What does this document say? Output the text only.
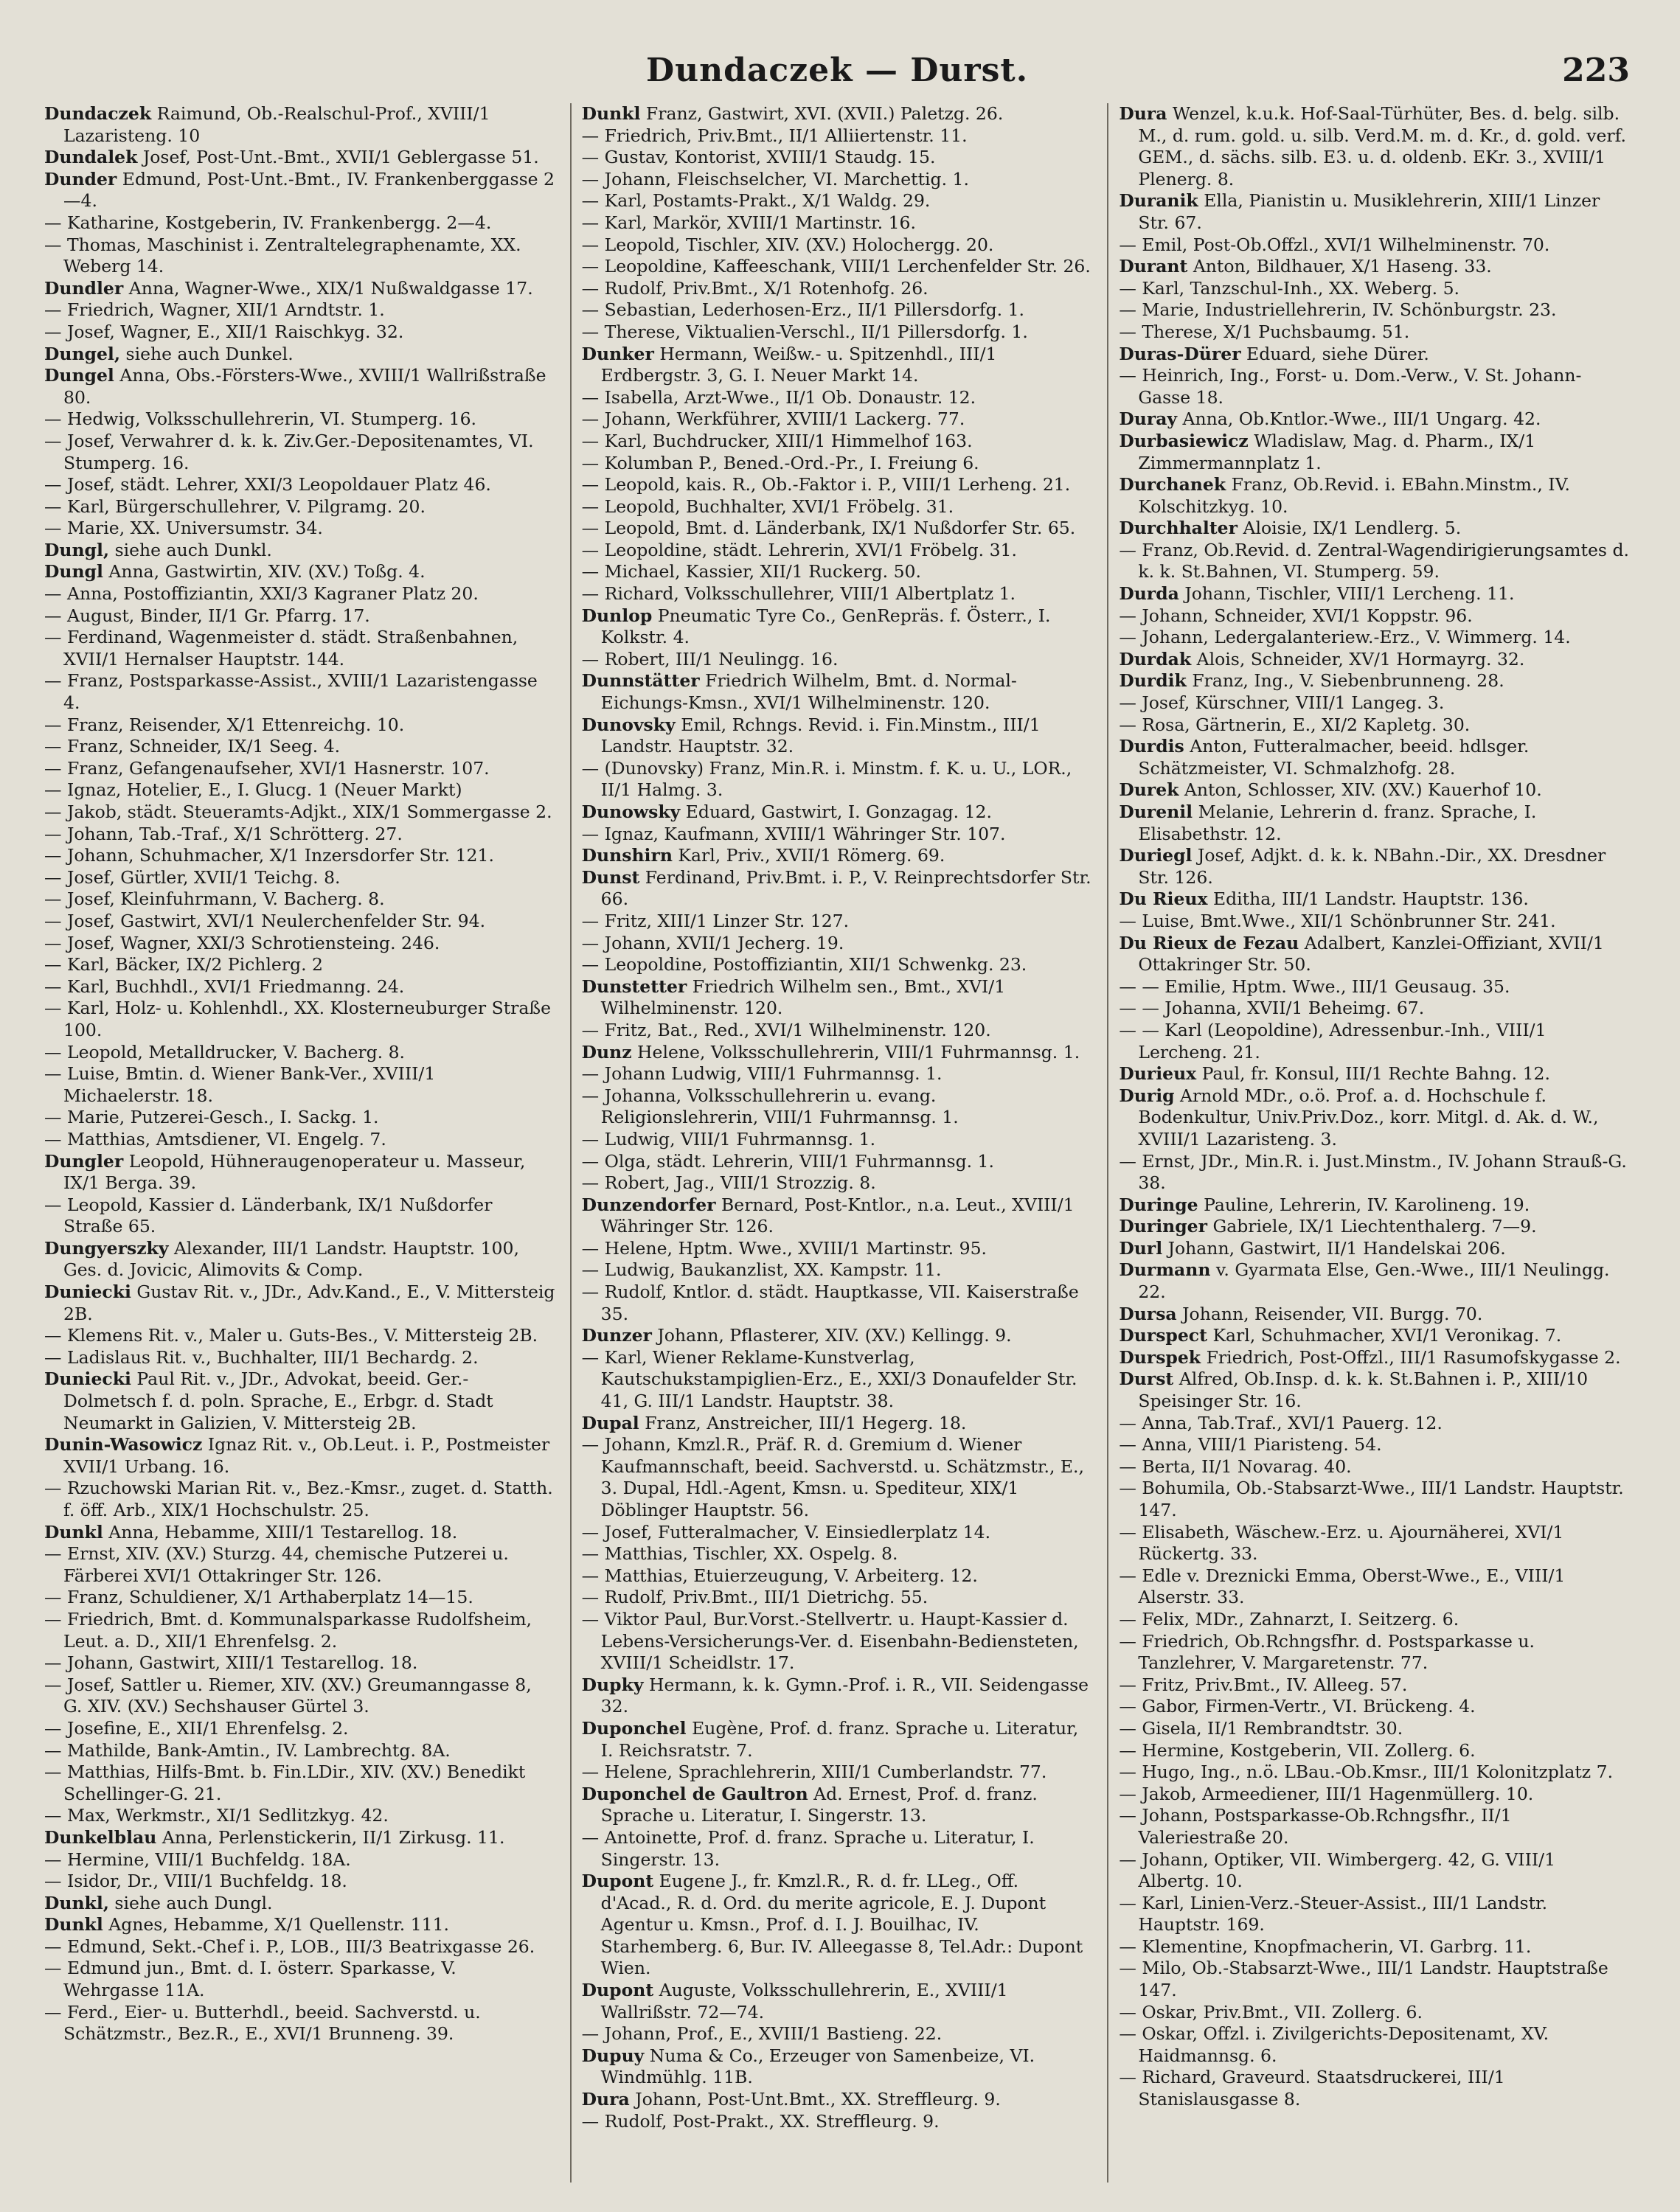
Dundaczek — Durst.	223
Dundaczek Raimund, Ob.-Realschul-Prof., XVIII/1 Lazaristeng. 10
Dundalek Josef, Post-Unt.-Bmt., XVII/1 Geblergasse 51.
Dunder Edmund, Post-Unt.-Bmt., IV. Frankenberggasse 2—4.
— Katharine, Kostgeberin, IV. Frankenbergg. 2—4.
— Thomas, Maschinist i. Zentraltelegraphenamte, XX. Weberg 14.
Dundler Anna, Wagner-Wwe., XIX/1 Nußwaldgasse 17.
— Friedrich, Wagner, XII/1 Arndtstr. 1.
— Josef, Wagner, E., XII/1 Raischkyg. 32.
Dungel, siehe auch Dunkel.
Dungel Anna, Obs.-Försters-Wwe., XVIII/1 Wallrißstraße 80.
— Hedwig, Volksschullehrerin, VI. Stumperg. 16.
— Josef, Verwahrer d. k. k. Ziv.Ger.-Depositenamtes, VI. Stumperg. 16.
— Josef, städt. Lehrer, XXI/3 Leopoldauer Platz 46.
— Karl, Bürgerschullehrer, V. Pilgramg. 20.
— Marie, XX. Universumstr. 34.
Dungl, siehe auch Dunkl.
Dungl Anna, Gastwirtin, XIV. (XV.) Toßg. 4.
— Anna, Postoffiziantin, XXI/3 Kagraner Platz 20.
— August, Binder, II/1 Gr. Pfarrg. 17.
— Ferdinand, Wagenmeister d. städt. Straßenbahnen, XVII/1 Hernalser Hauptstr. 144.
— Franz, Postsparkasse-Assist., XVIII/1 Lazaristengasse 4.
— Franz, Reisender, X/1 Ettenreichg. 10.
— Franz, Schneider, IX/1 Seeg. 4.
— Franz, Gefangenaufseher, XVI/1 Hasnerstr. 107.
— Ignaz, Hotelier, E., I. Glucg. 1 (Neuer Markt)
— Jakob, städt. Steueramts-Adjkt., XIX/1 Sommergasse 2.
— Johann, Tab.-Traf., X/1 Schrötterg. 27.
— Johann, Schuhmacher, X/1 Inzersdorfer Str. 121.
— Josef, Gürtler, XVII/1 Teichg. 8.
— Josef, Kleinfuhrmann, V. Bacherg. 8.
— Josef, Gastwirt, XVI/1 Neulerchenfelder Str. 94.
— Josef, Wagner, XXI/3 Schrotiensteing. 246.
— Karl, Bäcker, IX/2 Pichlerg. 2
— Karl, Buchhdl., XVI/1 Friedmanng. 24.
— Karl, Holz- u. Kohlenhdl., XX. Klosterneuburger Straße 100.
— Leopold, Metalldrucker, V. Bacherg. 8.
— Luise, Bmtin. d. Wiener Bank-Ver., XVIII/1 Michaelerstr. 18.
— Marie, Putzerei-Gesch., I. Sackg. 1.
— Matthias, Amtsdiener, VI. Engelg. 7.
Dungler Leopold, Hühneraugenoperateur u. Masseur, IX/1 Berga. 39.
— Leopold, Kassier d. Länderbank, IX/1 Nußdorfer Straße 65.
Dungyerszky Alexander, III/1 Landstr. Hauptstr. 100, Ges. d. Jovicic, Alimovits & Comp.
Duniecki Gustav Rit. v., JDr., Adv.Kand., E., V. Mittersteig 2B.
— Klemens Rit. v., Maler u. Guts-Bes., V. Mittersteig 2B.
— Ladislaus Rit. v., Buchhalter, III/1 Bechardg. 2.
Duniecki Paul Rit. v., JDr., Advokat, beeid. Ger.-Dolmetsch f. d. poln. Sprache, E., Erbgr. d. Stadt Neumarkt in Galizien, V. Mittersteig 2B.
Dunin-Wasowicz Ignaz Rit. v., Ob.Leut. i. P., Postmeister XVII/1 Urbang. 16.
— Rzuchowski Marian Rit. v., Bez.-Kmsr., zuget. d. Statth. f. öff. Arb., XIX/1 Hochschulstr. 25.
Dunkl Anna, Hebamme, XIII/1 Testarellog. 18.
— Ernst, XIV. (XV.) Sturzg. 44, chemische Putzerei u. Färberei XVI/1 Ottakringer Str. 126.
— Franz, Schuldiener, X/1 Arthaberplatz 14—15.
— Friedrich, Bmt. d. Kommunalsparkasse Rudolfsheim, Leut. a. D., XII/1 Ehrenfelsg. 2.
— Johann, Gastwirt, XIII/1 Testarellog. 18.
— Josef, Sattler u. Riemer, XIV. (XV.) Greumanngasse 8, G. XIV. (XV.) Sechshauser Gürtel 3.
— Josefine, E., XII/1 Ehrenfelsg. 2.
— Mathilde, Bank-Amtin., IV. Lambrechtg. 8A.
— Matthias, Hilfs-Bmt. b. Fin.LDir., XIV. (XV.) Benedikt Schellinger-G. 21.
— Max, Werkmstr., XI/1 Sedlitzkyg. 42.
Dunkelblau Anna, Perlenstickerin, II/1 Zirkusg. 11.
— Hermine, VIII/1 Buchfeldg. 18A.
— Isidor, Dr., VIII/1 Buchfeldg. 18.
Dunkl, siehe auch Dungl.
Dunkl Agnes, Hebamme, X/1 Quellenstr. 111.
— Edmund, Sekt.-Chef i. P., LOB., III/3 Beatrixgasse 26.
— Edmund jun., Bmt. d. I. österr. Sparkasse, V. Wehrgasse 11A.
— Ferd., Eier- u. Butterhdl., beeid. Sachverstd. u. Schätzmstr., Bez.R., E., XVI/1 Brunneng. 39.
Dunkl Franz, Gastwirt, XVI. (XVII.) Paletzg. 26.
— Friedrich, Priv.Bmt., II/1 Alliiertenstr. 11.
— Gustav, Kontorist, XVIII/1 Staudg. 15.
— Johann, Fleischselcher, VI. Marchettig. 1.
— Karl, Postamts-Prakt., X/1 Waldg. 29.
— Karl, Markör, XVIII/1 Martinstr. 16.
— Leopold, Tischler, XIV. (XV.) Holochergg. 20.
— Leopoldine, Kaffeeschank, VIII/1 Lerchenfelder Str. 26.
— Rudolf, Priv.Bmt., X/1 Rotenhofg. 26.
— Sebastian, Lederhosen-Erz., II/1 Pillersdorfg. 1.
— Therese, Viktualien-Verschl., II/1 Pillersdorfg. 1.
Dunker Hermann, Weißw.- u. Spitzenhdl., III/1 Erdbergstr. 3, G. I. Neuer Markt 14.
— Isabella, Arzt-Wwe., II/1 Ob. Donaustr. 12.
— Johann, Werkführer, XVIII/1 Lackerg. 77.
— Karl, Buchdrucker, XIII/1 Himmelhof 163.
— Kolumban P., Bened.-Ord.-Pr., I. Freiung 6.
— Leopold, kais. R., Ob.-Faktor i. P., VIII/1 Lerheng. 21.
— Leopold, Buchhalter, XVI/1 Fröbelg. 31.
— Leopold, Bmt. d. Länderbank, IX/1 Nußdorfer Str. 65.
— Leopoldine, städt. Lehrerin, XVI/1 Fröbelg. 31.
— Michael, Kassier, XII/1 Ruckerg. 50.
— Richard, Volksschullehrer, VIII/1 Albertplatz 1.
Dunlop Pneumatic Tyre Co., GenRepräs. f. Österr., I. Kolkstr. 4.
— Robert, III/1 Neulingg. 16.
Dunnstätter Friedrich Wilhelm, Bmt. d. Normal-Eichungs-Kmsn., XVI/1 Wilhelminenstr. 120.
Dunovsky Emil, Rchngs. Revid. i. Fin.Minstm., III/1 Landstr. Hauptstr. 32.
— (Dunovsky) Franz, Min.R. i. Minstm. f. K. u. U., LOR., II/1 Halmg. 3.
Dunowsky Eduard, Gastwirt, I. Gonzagag. 12.
— Ignaz, Kaufmann, XVIII/1 Währinger Str. 107.
Dunshirn Karl, Priv., XVII/1 Römerg. 69.
Dunst Ferdinand, Priv.Bmt. i. P., V. Reinprechtsdorfer Str. 66.
— Fritz, XIII/1 Linzer Str. 127.
— Johann, XVII/1 Jecherg. 19.
— Leopoldine, Postoffiziantin, XII/1 Schwenkg. 23.
Dunstetter Friedrich Wilhelm sen., Bmt., XVI/1 Wilhelminenstr. 120.
— Fritz, Bat., Red., XVI/1 Wilhelminenstr. 120.
Dunz Helene, Volksschullehrerin, VIII/1 Fuhrmannsg. 1.
— Johann Ludwig, VIII/1 Fuhrmannsg. 1.
— Johanna, Volksschullehrerin u. evang. Religionslehrerin, VIII/1 Fuhrmannsg. 1.
— Ludwig, VIII/1 Fuhrmannsg. 1.
— Olga, städt. Lehrerin, VIII/1 Fuhrmannsg. 1.
— Robert, Jag., VIII/1 Strozzig. 8.
Dunzendorfer Bernard, Post-Kntlor., n.a. Leut., XVIII/1 Währinger Str. 126.
— Helene, Hptm. Wwe., XVIII/1 Martinstr. 95.
— Ludwig, Baukanzlist, XX. Kampstr. 11.
— Rudolf, Kntlor. d. städt. Hauptkasse, VII. Kaiserstraße 35.
Dunzer Johann, Pflasterer, XIV. (XV.) Kellingg. 9.
— Karl, Wiener Reklame-Kunstverlag, Kautschukstampiglien-Erz., E., XXI/3 Donaufelder Str. 41, G. III/1 Landstr. Hauptstr. 38.
Dupal Franz, Anstreicher, III/1 Hegerg. 18.
— Johann, Kmzl.R., Präf. R. d. Gremium d. Wiener Kaufmannschaft, beeid. Sachverstd. u. Schätzmstr., E., 3. Dupal, Hdl.-Agent, Kmsn. u. Spediteur, XIX/1 Döblinger Hauptstr. 56.
— Josef, Futteralmacher, V. Einsiedlerplatz 14.
— Matthias, Tischler, XX. Ospelg. 8.
— Matthias, Etuierzeugung, V. Arbeiterg. 12.
— Rudolf, Priv.Bmt., III/1 Dietrichg. 55.
— Viktor Paul, Bur.Vorst.-Stellvertr. u. Haupt-Kassier d. Lebens-Versicherungs-Ver. d. Eisenbahn-Bediensteten, XVIII/1 Scheidlstr. 17.
Dupky Hermann, k. k. Gymn.-Prof. i. R., VII. Seidengasse 32.
Duponchel Eugène, Prof. d. franz. Sprache u. Literatur, I. Reichsratstr. 7.
— Helene, Sprachlehrerin, XIII/1 Cumberlandstr. 77.
Duponchel de Gaultron Ad. Ernest, Prof. d. franz. Sprache u. Literatur, I. Singerstr. 13.
— Antoinette, Prof. d. franz. Sprache u. Literatur, I. Singerstr. 13.
Dupont Eugene J., fr. Kmzl.R., R. d. fr. LLeg., Off. d'Acad., R. d. Ord. du merite agricole, E. J. Dupont Agentur u. Kmsn., Prof. d. I. J. Bouilhac, IV. Starhemberg. 6, Bur. IV. Alleegasse 8, Tel.Adr.: Dupont Wien.
Dupont Auguste, Volksschullehrerin, E., XVIII/1 Wallrißstr. 72—74.
— Johann, Prof., E., XVIII/1 Bastieng. 22.
Dupuy Numa & Co., Erzeuger von Samenbeize, VI. Windmühlg. 11B.
Dura Johann, Post-Unt.Bmt., XX. Streffleurg. 9.
— Rudolf, Post-Prakt., XX. Streffleurg. 9.
Dura Wenzel, k.u.k. Hof-Saal-Türhüter, Bes. d. belg. silb. M., d. rum. gold. u. silb. Verd.M. m. d. Kr., d. gold. verf. GEM., d. sächs. silb. E3. u. d. oldenb. EKr. 3., XVIII/1 Plenerg. 8.
Duranik Ella, Pianistin u. Musiklehrerin, XIII/1 Linzer Str. 67.
— Emil, Post-Ob.Offzl., XVI/1 Wilhelminenstr. 70.
Durant Anton, Bildhauer, X/1 Haseng. 33.
— Karl, Tanzschul-Inh., XX. Weberg. 5.
— Marie, Industriellehrerin, IV. Schönburgstr. 23.
— Therese, X/1 Puchsbaumg. 51.
Duras-Dürer Eduard, siehe Dürer.
— Heinrich, Ing., Forst- u. Dom.-Verw., V. St. Johann-Gasse 18.
Duray Anna, Ob.Kntlor.-Wwe., III/1 Ungarg. 42.
Durbasiewicz Wladislaw, Mag. d. Pharm., IX/1 Zimmermannplatz 1.
Durchanek Franz, Ob.Revid. i. EBahn.Minstm., IV. Kolschitzkyg. 10.
Durchhalter Aloisie, IX/1 Lendlerg. 5.
— Franz, Ob.Revid. d. Zentral-Wagendirigierungsamtes d. k. k. St.Bahnen, VI. Stumperg. 59.
Durda Johann, Tischler, VIII/1 Lercheng. 11.
— Johann, Schneider, XVI/1 Koppstr. 96.
— Johann, Ledergalanteriew.-Erz., V. Wimmerg. 14.
Durdak Alois, Schneider, XV/1 Hormayrg. 32.
Durdik Franz, Ing., V. Siebenbrunneng. 28.
— Josef, Kürschner, VIII/1 Langeg. 3.
— Rosa, Gärtnerin, E., XI/2 Kapletg. 30.
Durdis Anton, Futteralmacher, beeid. hdlsger. Schätzmeister, VI. Schmalzhofg. 28.
Durek Anton, Schlosser, XIV. (XV.) Kauerhof 10.
Durenil Melanie, Lehrerin d. franz. Sprache, I. Elisabethstr. 12.
Duriegl Josef, Adjkt. d. k. k. NBahn.-Dir., XX. Dresdner Str. 126.
Du Rieux Editha, III/1 Landstr. Hauptstr. 136.
— Luise, Bmt.Wwe., XII/1 Schönbrunner Str. 241.
Du Rieux de Fezau Adalbert, Kanzlei-Offiziant, XVII/1 Ottakringer Str. 50.
— — Emilie, Hptm. Wwe., III/1 Geusaug. 35.
— — Johanna, XVII/1 Beheimg. 67.
— — Karl (Leopoldine), Adressenbur.-Inh., VIII/1 Lercheng. 21.
Durieux Paul, fr. Konsul, III/1 Rechte Bahng. 12.
Durig Arnold MDr., o.ö. Prof. a. d. Hochschule f. Bodenkultur, Univ.Priv.Doz., korr. Mitgl. d. Ak. d. W., XVIII/1 Lazaristeng. 3.
— Ernst, JDr., Min.R. i. Just.Minstm., IV. Johann Strauß-G. 38.
Duringe Pauline, Lehrerin, IV. Karolineng. 19.
Duringer Gabriele, IX/1 Liechtenthalerg. 7—9.
Durl Johann, Gastwirt, II/1 Handelskai 206.
Durmann v. Gyarmata Else, Gen.-Wwe., III/1 Neulingg. 22.
Dursa Johann, Reisender, VII. Burgg. 70.
Durspect Karl, Schuhmacher, XVI/1 Veronikag. 7.
Durspek Friedrich, Post-Offzl., III/1 Rasumofskygasse 2.
Durst Alfred, Ob.Insp. d. k. k. St.Bahnen i. P., XIII/10 Speisinger Str. 16.
— Anna, Tab.Traf., XVI/1 Pauerg. 12.
— Anna, VIII/1 Piaristeng. 54.
— Berta, II/1 Novarag. 40.
— Bohumila, Ob.-Stabsarzt-Wwe., III/1 Landstr. Hauptstr. 147.
— Elisabeth, Wäschew.-Erz. u. Ajournäherei, XVI/1 Rückertg. 33.
— Edle v. Dreznicki Emma, Oberst-Wwe., E., VIII/1 Alserstr. 33.
— Felix, MDr., Zahnarzt, I. Seitzerg. 6.
— Friedrich, Ob.Rchngsfhr. d. Postsparkasse u. Tanzlehrer, V. Margaretenstr. 77.
— Fritz, Priv.Bmt., IV. Alleeg. 57.
— Gabor, Firmen-Vertr., VI. Brückeng. 4.
— Gisela, II/1 Rembrandtstr. 30.
— Hermine, Kostgeberin, VII. Zollerg. 6.
— Hugo, Ing., n.ö. LBau.-Ob.Kmsr., III/1 Kolonitzplatz 7.
— Jakob, Armeediener, III/1 Hagenmüllerg. 10.
— Johann, Postsparkasse-Ob.Rchngsfhr., II/1 Valeriestraße 20.
— Johann, Optiker, VII. Wimbergerg. 42, G. VIII/1 Albertg. 10.
— Karl, Linien-Verz.-Steuer-Assist., III/1 Landstr. Hauptstr. 169.
— Klementine, Knopfmacherin, VI. Garbrg. 11.
— Milo, Ob.-Stabsarzt-Wwe., III/1 Landstr. Hauptstraße 147.
— Oskar, Priv.Bmt., VII. Zollerg. 6.
— Oskar, Offzl. i. Zivilgerichts-Depositenamt, XV. Haidmannsg. 6.
— Richard, Graveurd. Staatsdruckerei, III/1 Stanislausgasse 8.
